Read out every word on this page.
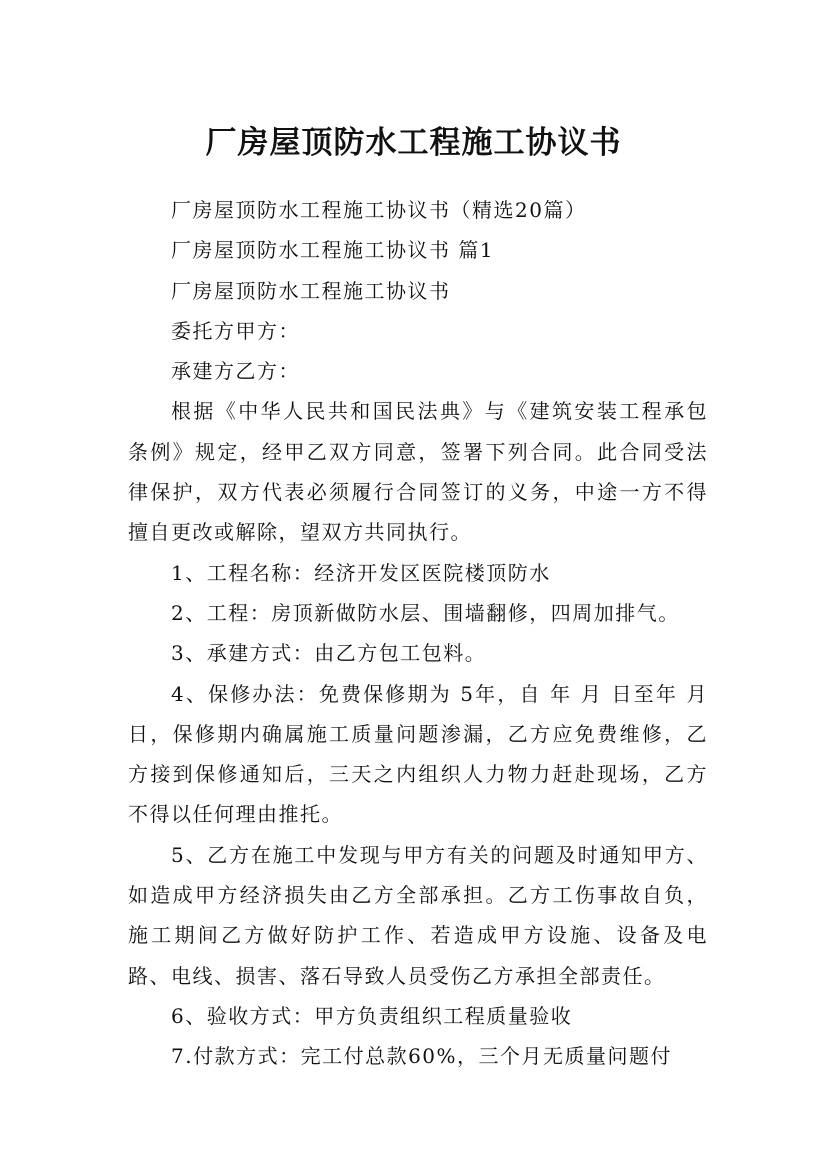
厂房屋顶防水工程施工协议书

厂房屋顶防水工程施工协议书（精选20篇）

厂房屋顶防水工程施工协议书 篇1

厂房屋顶防水工程施工协议书

委托方甲方：

承建方乙方：

根据《中华人民共和国民法典》与《建筑安装工程承包条例》规定，经甲乙双方同意，签署下列合同。此合同受法律保护，双方代表必须履行合同签订的义务，中途一方不得擅自更改或解除，望双方共同执行。

1、工程名称：经济开发区医院楼顶防水

2、工程：房顶新做防水层、围墙翻修，四周加排气。

3、承建方式：由乙方包工包料。

4、保修办法：免费保修期为 5年，自 年 月 日至年 月 日，保修期内确属施工质量问题渗漏，乙方应免费维修，乙方接到保修通知后，三天之内组织人力物力赶赴现场，乙方不得以任何理由推托。

5、乙方在施工中发现与甲方有关的问题及时通知甲方、如造成甲方经济损失由乙方全部承担。乙方工伤事故自负，施工期间乙方做好防护工作、若造成甲方设施、设备及电路、电线、损害、落石导致人员受伤乙方承担全部责任。

6、验收方式：甲方负责组织工程质量验收

7.付款方式：完工付总款60%，三个月无质量问题付
